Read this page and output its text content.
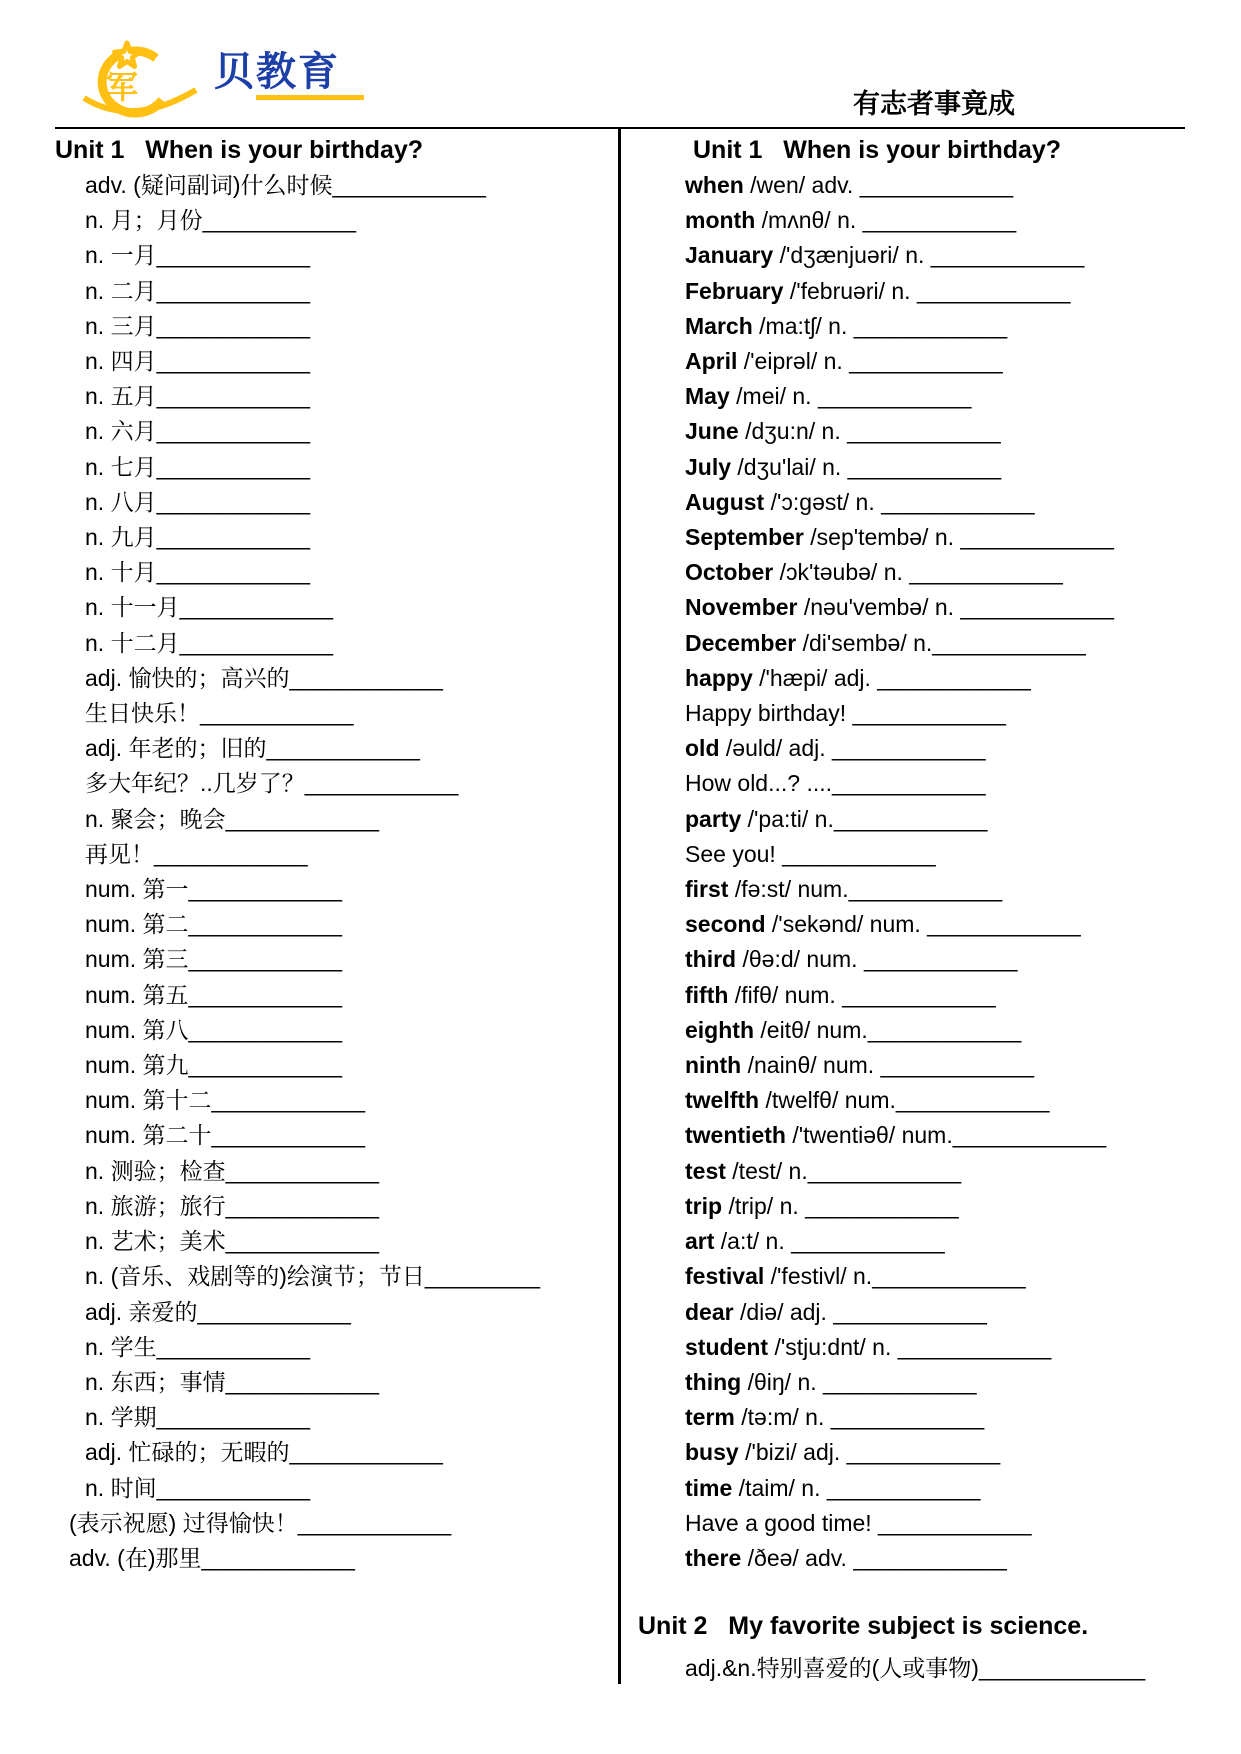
军 贝教育
有志者事竟成
Unit 1   When is your birthday?
adv. (疑问副词)什么时候____________
n. 月；月份____________
n. 一月____________
n. 二月____________
n. 三月____________
n. 四月____________
n. 五月____________
n. 六月____________
n. 七月____________
n. 八月____________
n. 九月____________
n. 十月____________
n. 十一月____________
n. 十二月____________
adj. 愉快的；高兴的____________
生日快乐！____________
adj. 年老的；旧的____________
多大年纪？..几岁了？____________
n. 聚会；晚会____________
再见！____________
num. 第一____________
num. 第二____________
num. 第三____________
num. 第五____________
num. 第八____________
num. 第九____________
num. 第十二____________
num. 第二十____________
n. 测验；检查____________
n. 旅游；旅行____________
n. 艺术；美术____________
n. (音乐、戏剧等的)绘演节；节日_________
adj. 亲爱的____________
n. 学生____________
n. 东西；事情____________
n. 学期____________
adj. 忙碌的；无暇的____________
n. 时间____________
(表示祝愿) 过得愉快！____________
adv. (在)那里____________
Unit 1   When is your birthday?
when /wen/ adv. ____________
month /mʌnθ/ n. ____________
January /'dʒænjuəri/ n. ____________
February /'februəri/ n. ____________
March /ma:tʃ/ n. ____________
April /'eiprəl/ n. ____________
May /mei/ n. ____________
June /dʒu:n/ n. ____________
July /dʒu'lai/ n. ____________
August /'ɔ:gəst/ n. ____________
September /sep'tembə/ n. ____________
October /ɔk'təubə/ n. ____________
November /nəu'vembə/ n. ____________
December /di'sembə/ n.____________
happy /'hæpi/ adj. ____________
Happy birthday! ____________
old /əuld/ adj. ____________
How old...? ....____________
party /'pa:ti/ n.____________
See you! ____________
first /fə:st/ num.____________
second /'sekənd/ num. ____________
third /θə:d/ num. ____________
fifth /fifθ/ num. ____________
eighth /eitθ/ num.____________
ninth /nainθ/ num. ____________
twelfth /twelfθ/ num.____________
twentieth /'twentiəθ/ num.____________
test /test/ n.____________
trip /trip/ n. ____________
art /a:t/ n. ____________
festival /'festivl/ n.____________
dear /diə/ adj. ____________
student /'stju:dnt/ n. ____________
thing /θiŋ/ n. ____________
term /tə:m/ n. ____________
busy /'bizi/ adj. ____________
time /taim/ n. ____________
Have a good time! ____________
there /ðeə/ adv. ____________
Unit 2   My favorite subject is science.
adj.&n.特别喜爱的(人或事物)_____________
